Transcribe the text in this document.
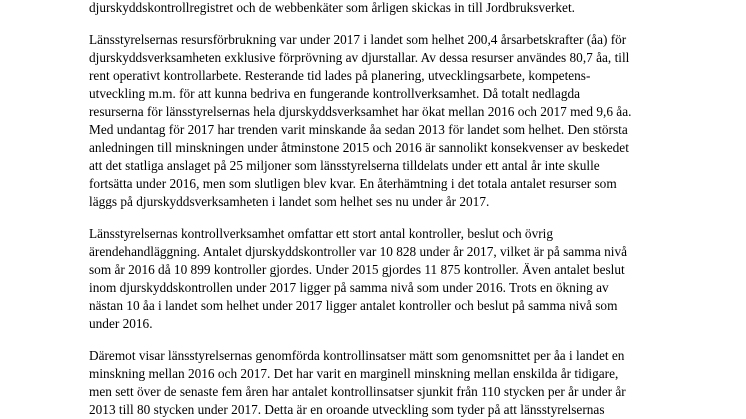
djurskyddskontrollregistret och de webbenkäter som årligen skickas in till Jordbruksverket.
Länsstyrelsernas resursförbrukning var under 2017 i landet som helhet 200,4 årsarbetskrafter (åa) för
djurskyddsverksamheten exklusive förprövning av djurstallar. Av dessa resurser användes 80,7 åa, till
rent operativt kontrollarbete. Resterande tid lades på planering, utvecklingsarbete, kompetens-
utveckling m.m. för att kunna bedriva en fungerande kontrollverksamhet. Då totalt nedlagda
resurserna för länsstyrelsernas hela djurskyddsverksamhet har ökat mellan 2016 och 2017 med 9,6 åa.
Med undantag för 2017 har trenden varit minskande åa sedan 2013 för landet som helhet. Den största
anledningen till minskningen under åtminstone 2015 och 2016 är sannolikt konsekvenser av beskedet
att det statliga anslaget på 25 miljoner som länsstyrelserna tilldelats under ett antal år inte skulle
fortsätta under 2016, men som slutligen blev kvar. En återhämtning i det totala antalet resurser som
läggs på djurskyddsverksamheten i landet som helhet ses nu under år 2017.
Länsstyrelsernas kontrollverksamhet omfattar ett stort antal kontroller, beslut och övrig
ärendehandläggning. Antalet djurskyddskontroller var 10 828 under år 2017, vilket är på samma nivå
som år 2016 då 10 899 kontroller gjordes. Under 2015 gjordes 11 875 kontroller. Även antalet beslut
inom djurskyddskontrollen under 2017 ligger på samma nivå som under 2016. Trots en ökning av
nästan 10 åa i landet som helhet under 2017 ligger antalet kontroller och beslut på samma nivå som
under 2016.
Däremot visar länsstyrelsernas genomförda kontrollinsatser mätt som genomsnittet per åa i landet en
minskning mellan 2016 och 2017. Det har varit en marginell minskning mellan enskilda år tidigare,
men sett över de senaste fem åren har antalet kontrollinsatser sjunkit från 110 stycken per år under år
2013 till 80 stycken under 2017. Detta är en oroande utveckling som tyder på att länsstyrelsernas
